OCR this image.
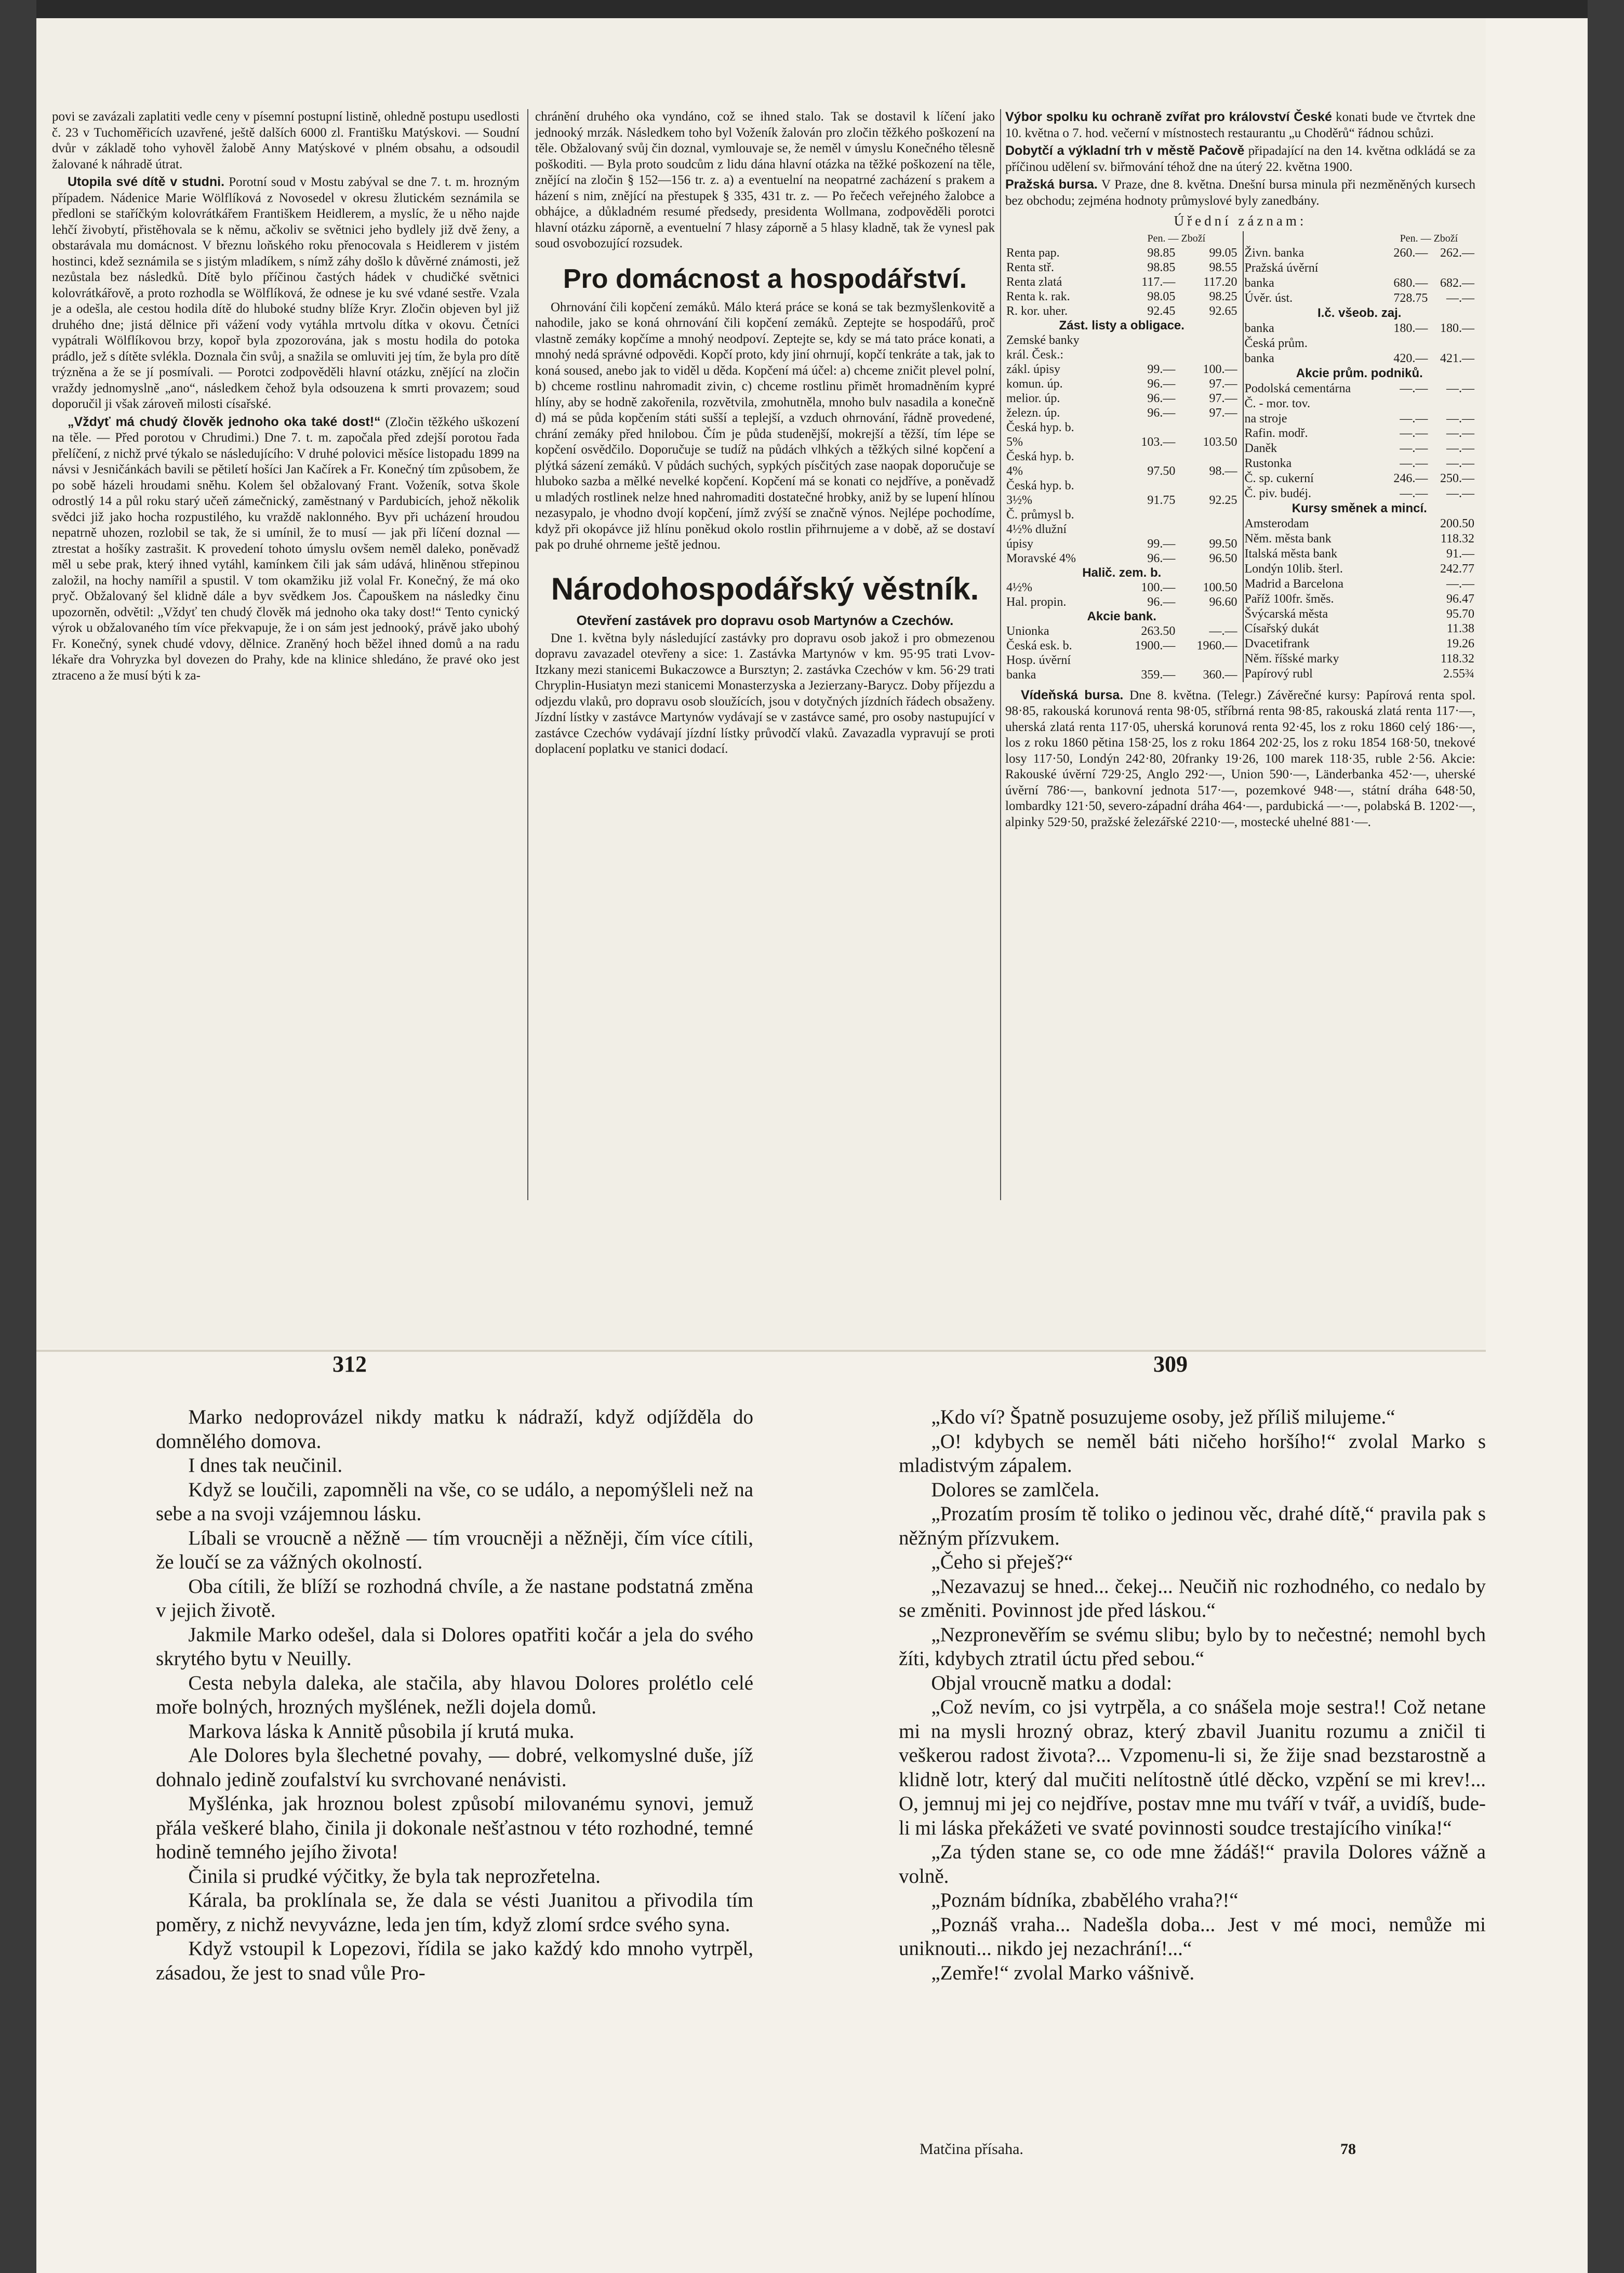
povi se zavázali zaplatiti vedle ceny v písemní postupní listině, ohledně postupu usedlosti č. 23 v Tuchoměřicích uzavřené, ještě dalších 6000 zl. Františku Matýskovi. — Soudní dvůr v základě toho vyhověl žalobě Anny Matýskové v plném obsahu, a odsoudil žalované k náhradě útrat.

Utopila své dítě v studni. Porotní soud v Mostu zabýval se dne 7. t. m. hrozným případem. Nádenice Marie Wölflíková z Novosedel v okresu žlutickém seznámila se předloni se staříčkým kolovrátkářem Františkem Heidlerem, a myslíc, že u něho najde lehčí živobytí, přistěhovala se k němu, ačkoliv se světnici jeho bydlely již dvě ženy, a obstarávala mu domácnost. V březnu loňského roku přenocovala s Heidlerem v jistém hostinci, kdež seznámila se s jistým mladíkem, s nímž záhy došlo k důvěrné známosti, jež nezůstala bez následků. Dítě bylo příčinou častých hádek v chudičké světnici kolovrátkářově, a proto rozhodla se Wölflíková, že odnese je ku své vdané sestře. Vzala je a odešla, ale cestou hodila dítě do hluboké studny blíže Kryr. Zločin objeven byl již druhého dne; jistá dělnice při vážení vody vytáhla mrtvolu dítka v okovu. Četníci vypátrali Wölflíkovou brzy, kopoř byla zpozorována, jak s mostu hodila do potoka prádlo, jež s dítěte svlékla. Doznala čin svůj, a snažila se omluviti jej tím, že byla pro dítě trýzněna a že se jí posmívali. — Porotci zodpověděli hlavní otázku, znějící na zločin vraždy jednomyslně „ano“, následkem čehož byla odsouzena k smrti provazem; soud doporučil ji však zároveň milosti císařské.

„Vždyť má chudý člověk jednoho oka také dost!“ (Zločin těžkého uškození na těle. — Před porotou v Chrudimi.) Dne 7. t. m. započala před zdejší porotou řada přelíčení, z nichž prvé týkalo se následujícího: V druhé polovici měsíce listopadu 1899 na návsi v Jesničánkách bavili se pětiletí hošíci Jan Kačírek a Fr. Konečný tím způsobem, že po sobě házeli hroudami sněhu. Kolem šel obžalovaný Frant. Voženík, sotva škole odrostlý 14 a půl roku starý učeň zámečnický, zaměstnaný v Pardubicích, jehož několik svědci již jako hocha rozpustilého, ku vraždě naklonného. Byv při ucházení hroudou nepatrně uhozen, rozlobil se tak, že si umínil, že to musí — jak při líčení doznal — ztrestat a hošíky zastrašit. K provedení tohoto úmyslu ovšem neměl daleko, poněvadž měl u sebe prak, který ihned vytáhl, kamínkem čili jak sám udává, hliněnou střepinou založil, na hochy namířil a spustil. V tom okamžiku již volal Fr. Konečný, že má oko pryč. Obžalovaný šel klidně dále a byv svědkem Jos. Čapouškem na následky činu upozorněn, odvětil: „Vždyť ten chudý člověk má jednoho oka taky dost!“ Tento cynický výrok u obžalovaného tím více překvapuje, že i on sám jest jednooký, právě jako ubohý Fr. Konečný, synek chudé vdovy, dělnice. Zraněný hoch běžel ihned domů a na radu lékaře dra Vohryzka byl dovezen do Prahy, kde na klinice shledáno, že pravé oko jest ztraceno a že musí býti k za-

chránění druhého oka vyndáno, což se ihned stalo. Tak se dostavil k líčení jako jednooký mrzák. Následkem toho byl Voženík žalován pro zločin těžkého poškození na těle. Obžalovaný svůj čin doznal, vymlouvaje se, že neměl v úmyslu Konečného tělesně poškoditi. — Byla proto soudcům z lidu dána hlavní otázka na těžké poškození na těle, znějící na zločin § 152—156 tr. z. a) a eventuelní na neopatrné zacházení s prakem a házení s nim, znějící na přestupek § 335, 431 tr. z. — Po řečech veřejného žalobce a obhájce, a důkladném resumé předsedy, presidenta Wollmana, zodpověděli porotci hlavní otázku záporně, a eventuelní 7 hlasy záporně a 5 hlasy kladně, tak že vynesl pak soud osvobozující rozsudek.

Pro domácnost a hospodářství.

Ohrnování čili kopčení zemáků. Málo která práce se koná se tak bezmyšlenkovitě a nahodile, jako se koná ohrnování čili kopčení zemáků. Zeptejte se hospodářů, proč vlastně zemáky kopčíme a mnohý neodpoví. Zeptejte se, kdy se má tato práce konati, a mnohý nedá správné odpovědi. Kopčí proto, kdy jiní ohrnují, kopčí tenkráte a tak, jak to koná soused, anebo jak to viděl u děda. Kopčení má účel: a) chceme zničit plevel polní, b) chceme rostlinu nahromadit zivin, c) chceme rostlinu přimět hromadněním kypré hlíny, aby se hodně zakořenila, rozvětvila, zmohutněla, mnoho bulv nasadila a konečně d) má se půda kopčením státi sušší a teplejší, a vzduch ohrnování, řádně provedené, chrání zemáky před hnilobou. Čím je půda studenější, mokrejší a těžší, tím lépe se kopčení osvědčilo. Doporučuje se tudíž na půdách vlhkých a těžkých silné kopčení a plýtká sázení zemáků. V půdách suchých, sypkých písčitých zase naopak doporučuje se hluboko sazba a mělké nevelké kopčení. Kopčení má se konati co nejdříve, a poněvadž u mladých rostlinek nelze hned nahromaditi dostatečné hrobky, aniž by se lupení hlínou nezasypalo, je vhodno dvojí kopčení, jímž zvýší se značně výnos. Nejlépe pochodíme, když při okopávce již hlínu poněkud okolo rostlin přihrnujeme a v době, až se dostaví pak po druhé ohrneme ještě jednou.

Národohospodářský věstník.
Otevření zastávek pro dopravu osob Martynów a Czechów.

Dne 1. května byly následující zastávky pro dopravu osob jakož i pro obmezenou dopravu zavazadel otevřeny a sice: 1. Zastávka Martynów v km. 95·95 trati Lvov-Itzkany mezi stanicemi Bukaczowce a Bursztyn; 2. zastávka Czechów v km. 56·29 trati Chryplin-Husiatyn mezi stanicemi Monasterzyska a Jezierzany-Barycz. Doby příjezdu a odjezdu vlaků, pro dopravu osob sloužících, jsou v dotyčných jízdních řádech obsaženy. Jízdní lístky v zastávce Martynów vydávají se v zastávce samé, pro osoby nastupující v zastávce Czechów vydávají jízdní lístky průvodčí vlaků. Zavazadla vypravují se proti doplacení poplatku ve stanici dodací.

Výbor spolku ku ochraně zvířat pro království České konati bude ve čtvrtek dne 10. května o 7. hod. večerní v místnostech restaurantu „u Choděrů“ řádnou schůzi.

Dobytčí a výkladní trh v městě Pačově připadající na den 14. května odkládá se za příčinou udělení sv. biřmování téhož dne na úterý 22. května 1900.

Pražská bursa. V Praze, dne 8. května. Dnešní bursa minula při nezměněných kursech bez obchodu; zejména hodnoty průmyslové byly zanedbány.

Úřední záznam:
	Pen. — Zboží	
Renta pap.	98.85	99.05
Renta stř.	98.85	98.55
Renta zlatá	117.—	117.20
Renta k. rak.	98.05	98.25
R. kor. uher.	92.45	92.65
Zást. listy a obligace.		
Zemské banky		
král. Česk.:		
zákl. úpisy	99.—	100.—
komun. úp.	96.—	97.—
melior. úp.	96.—	97.—
železn. úp.	96.—	97.—
Česká hyp. b.		
5%	103.—	103.50
Česká hyp. b.		
4%	97.50	98.—
Česká hyp. b.		
3½%	91.75	92.25
Č. průmysl b.		
4½% dlužní		
úpisy	99.—	99.50
Moravské 4%	96.—	96.50
Halič. zem. b.		
4½%	100.—	100.50
Hal. propin.	96.—	96.60
Akcie bank.		
Unionka	263.50	—.—
Česká esk. b.	1900.—	1960.—
Hosp. úvěrní		
banka	359.—	360.—
	Pen. — Zboží	
Živn. banka	260.—	262.—
Pražská úvěrní		
banka	680.—	682.—
Úvěr. úst.	728.75	—.—
I.č. všeob. zaj.		
banka	180.—	180.—
Česká prům.		
banka	420.—	421.—
Akcie prům. podniků.		
Podolská cementárna	—.—	—.—
Č. - mor. tov.		
na stroje	—.—	—.—
Rafin. modř.	—.—	—.—
Daněk	—.—	—.—
Rustonka	—.—	—.—
Č. sp. cukerní	246.—	250.—
Č. piv. budéj.	—.—	—.—
Kursy směnek a mincí.		
Amsterodam		200.50
Něm. města bank		118.32
Italská města bank		91.—
Londýn 10lib. šterl.		242.77
Madrid a Barcelona		—.—
Paříž 100fr. šměs.		96.47
Švýcarská města		95.70
Císařský dukát		11.38
Dvacetifrank		19.26
Něm. říšské marky		118.32
Papírový rubl		2.55¾

Vídeňská bursa. Dne 8. května. (Telegr.) Závěrečné kursy: Papírová renta spol. 98·85, rakouská korunová renta 98·05, stříbrná renta 98·85, rakouská zlatá renta 117·—, uherská zlatá renta 117·05, uherská korunová renta 92·45, los z roku 1860 celý 186·—, los z roku 1860 pětina 158·25, los z roku 1864 202·25, los z roku 1854 168·50, tnekové losy 117·50, Londýn 242·80, 20franky 19·26, 100 marek 118·35, ruble 2·56. Akcie: Rakouské úvěrní 729·25, Anglo 292·—, Union 590·—, Länderbanka 452·—, uherské úvěrní 786·—, bankovní jednota 517·—, pozemkové 948·—, státní dráha 648·50, lombardky 121·50, severo-západní dráha 464·—, pardubická —·—, polabská B. 1202·—, alpinky 529·50, pražské železářské 2210·—, mostecké uhelné 881·—.

312	309

Marko nedoprovázel nikdy matku k nádraží, když odjížděla do domnělého domova.

I dnes tak neučinil.

Když se loučili, zapomněli na vše, co se událo, a nepomýšleli než na sebe a na svoji vzájemnou lásku.

Líbali se vroucně a něžně — tím vroucněji a něžněji, čím více cítili, že loučí se za vážných okolností.

Oba cítili, že blíží se rozhodná chvíle, a že nastane podstatná změna v jejich životě.

Jakmile Marko odešel, dala si Dolores opatřiti kočár a jela do svého skrytého bytu v Neuilly.

Cesta nebyla daleka, ale stačila, aby hlavou Dolores prolétlo celé moře bolných, hrozných myšlének, nežli dojela domů.

Markova láska k Annitě působila jí krutá muka.

Ale Dolores byla šlechetné povahy, — dobré, velkomyslné duše, jíž dohnalo jedině zoufalství ku svrchované nenávisti.

Myšlénka, jak hroznou bolest způsobí milovanému synovi, jemuž přála veškeré blaho, činila ji dokonale nešťastnou v této rozhodné, temné hodině temného jejího života!

Činila si prudké výčitky, že byla tak neprozřetelna.

Kárala, ba proklínala se, že dala se vésti Juanitou a přivodila tím poměry, z nichž nevyváznе, leda jen tím, když zlomí srdce svého syna.

Když vstoupil k Lopezovi, řídila se jako každý kdo mnoho vytrpěl, zásadou, že jest to snad vůle Pro-

„Kdo ví? Špatně posuzujeme osoby, jež příliš milujeme.“

„O! kdybych se neměl báti ničeho horšího!“ zvolal Marko s mladistvým zápalem.

Dolores se zamlčela.

„Prozatím prosím tě toliko o jedinou věc, drahé dítě,“ pravila pak s něžným přízvukem.

„Čeho si přeješ?“

„Nezavazuj se hned... čekej... Neučiň nic rozhodného, co nedalo by se změniti. Povinnost jde před láskou.“

„Nezpronevěřím se svému slibu; bylo by to nečestné; nemohl bych žíti, kdybych ztratil úctu před sebou.“

Objal vroucně matku a dodal:

„Což nevím, co jsi vytrpěla, a co snášela moje sestra!! Což netane mi na mysli hrozný obraz, který zbavil Juanitu rozumu a zničil ti veškerou radost života?... Vzpomenu-li si, že žije snad bezstarostně a klidně lotr, který dal mučiti nelítostně útlé děcko, vzpění se mi krev!... O, jemnuj mi jej co nejdříve, postav mne mu tváří v tvář, a uvidíš, bude-li mi láska překážeti ve svaté povinnosti soudce trestajícího viníka!“

„Za týden stane se, co ode mne žádáš!“ pravila Dolores vážně a volně.

„Poznám bídníka, zbabělého vraha?!“

„Poznáš vraha... Nadešla doba... Jest v mé moci, nemůže mi uniknouti... nikdo jej nezachrání!...“

„Zemře!“ zvolal Marko vášnivě.

Matčina přísaha.	78
